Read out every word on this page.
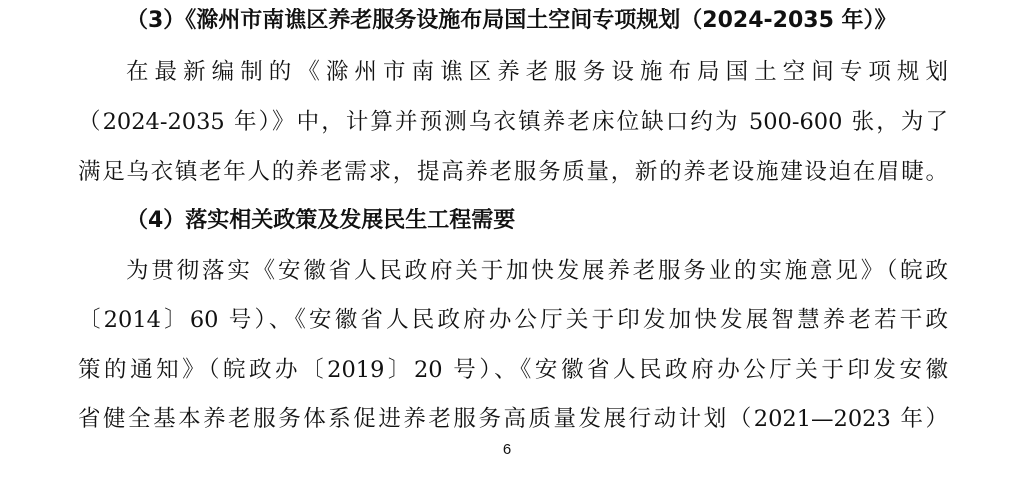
（3）《滁州市南谯区养老服务设施布局国土空间专项规划（2024-2035 年）》
在最新编制的《滁州市南谯区养老服务设施布局国土空间专项规划
（2024-2035 年）》中，计算并预测乌衣镇养老床位缺口约为 500-600 张，为了
满足乌衣镇老年人的养老需求，提高养老服务质量，新的养老设施建设迫在眉睫。
（4）落实相关政策及发展民生工程需要
为贯彻落实《安徽省人民政府关于加快发展养老服务业的实施意见》（皖政
〔2014〕60 号）、《安徽省人民政府办公厅关于印发加快发展智慧养老若干政
策的通知》（皖政办〔2019〕20 号）、《安徽省人民政府办公厅关于印发安徽
省健全基本养老服务体系促进养老服务高质量发展行动计划（2021—2023 年）
6
